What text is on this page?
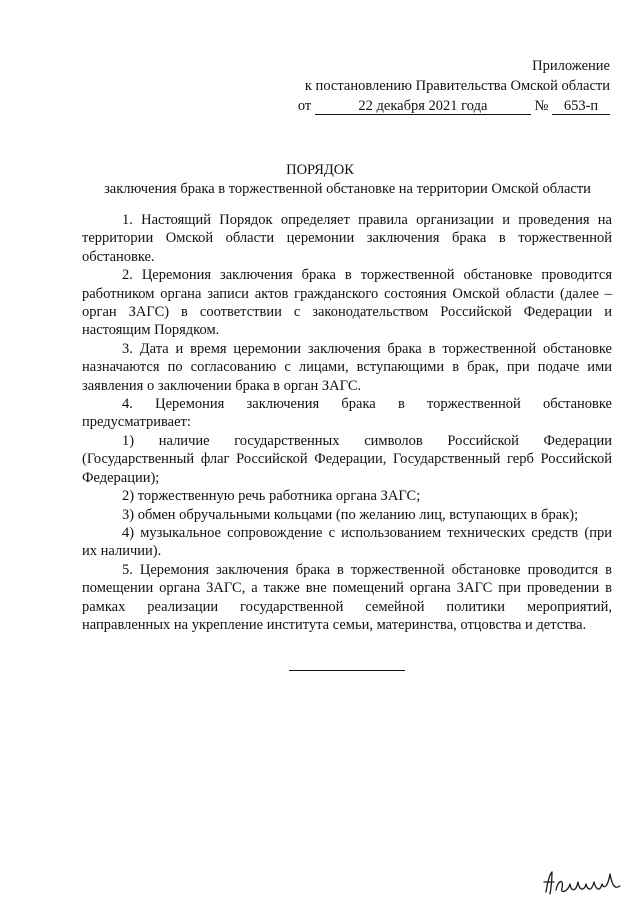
Приложение
к постановлению Правительства Омской области
от	22 декабря 2021 года	№ 653-п
ПОРЯДОК
заключения брака в торжественной обстановке на территории Омской области

1. Настоящий Порядок определяет правила организации и проведения на территории Омской области церемонии заключения брака в торжественной обстановке.

2. Церемония заключения брака в торжественной обстановке проводится работником органа записи актов гражданского состояния Омской области (далее – орган ЗАГС) в соответствии с законодательством Российской Федерации и настоящим Порядком.

3. Дата и время церемонии заключения брака в торжественной обстановке назначаются по согласованию с лицами, вступающими в брак, при подаче ими заявления о заключении брака в орган ЗАГС.

4. Церемония заключения брака в торжественной обстановке предусматривает:

1) наличие государственных символов Российской Федерации (Государственный флаг Российской Федерации, Государственный герб Российской Федерации);

2) торжественную речь работника органа ЗАГС;

3) обмен обручальными кольцами (по желанию лиц, вступающих в брак);

4) музыкальное сопровождение с использованием технических средств (при их наличии).

5. Церемония заключения брака в торжественной обстановке проводится в помещении органа ЗАГС, а также вне помещений органа ЗАГС при проведении в рамках реализации государственной семейной политики мероприятий, направленных на укрепление института семьи, материнства, отцовства и детства.
